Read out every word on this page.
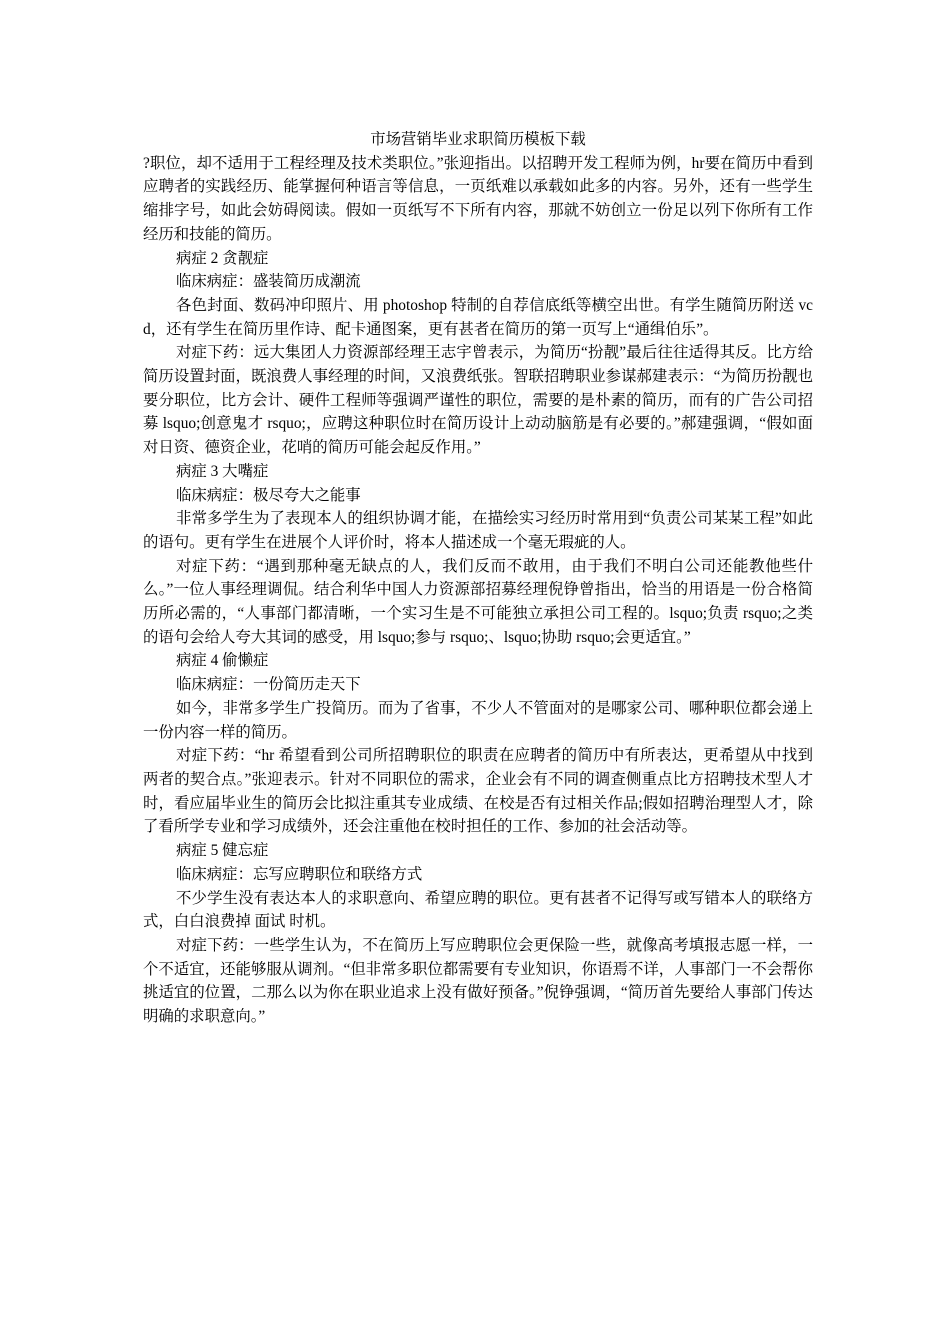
市场营销毕业求职简历模板下载

?职位，却不适用于工程经理及技术类职位。”张迎指出。以招聘开发工程师为例，hr要在简历中看到应聘者的实践经历、能掌握何种语言等信息，一页纸难以承载如此多的内容。另外，还有一些学生缩排字号，如此会妨碍阅读。假如一页纸写不下所有内容，那就不妨创立一份足以列下你所有工作经历和技能的简历。

病症 2 贪靓症

临床病症：盛装简历成潮流

各色封面、数码冲印照片、用 photoshop 特制的自荐信底纸等横空出世。有学生随简历附送 vcd，还有学生在简历里作诗、配卡通图案，更有甚者在简历的第一页写上“通缉伯乐”。

对症下药：远大集团人力资源部经理王志宇曾表示，为简历“扮靓”最后往往适得其反。比方给简历设置封面，既浪费人事经理的时间，又浪费纸张。智联招聘职业参谋郝建表示：“为简历扮靓也要分职位，比方会计、硬件工程师等强调严谨性的职位，需要的是朴素的简历，而有的广告公司招募 lsquo;创意鬼才 rsquo;，应聘这种职位时在简历设计上动动脑筋是有必要的。”郝建强调，“假如面对日资、德资企业，花哨的简历可能会起反作用。”

病症 3 大嘴症

临床病症：极尽夸大之能事

非常多学生为了表现本人的组织协调才能，在描绘实习经历时常用到“负责公司某某工程”如此的语句。更有学生在进展个人评价时，将本人描述成一个毫无瑕疵的人。

对症下药：“遇到那种毫无缺点的人，我们反而不敢用，由于我们不明白公司还能教他些什么。”一位人事经理调侃。结合利华中国人力资源部招募经理倪铮曾指出，恰当的用语是一份合格简历所必需的，“人事部门都清晰，一个实习生是不可能独立承担公司工程的。lsquo;负责 rsquo;之类的语句会给人夸大其词的感受，用 lsquo;参与 rsquo;、lsquo;协助 rsquo;会更适宜。”

病症 4 偷懒症

临床病症：一份简历走天下

如今，非常多学生广投简历。而为了省事，不少人不管面对的是哪家公司、哪种职位都会递上一份内容一样的简历。

对症下药：“hr 希望看到公司所招聘职位的职责在应聘者的简历中有所表达，更希望从中找到两者的契合点。”张迎表示。针对不同职位的需求，企业会有不同的调查侧重点比方招聘技术型人才时，看应届毕业生的简历会比拟注重其专业成绩、在校是否有过相关作品;假如招聘治理型人才，除了看所学专业和学习成绩外，还会注重他在校时担任的工作、参加的社会活动等。

病症 5 健忘症

临床病症：忘写应聘职位和联络方式

不少学生没有表达本人的求职意向、希望应聘的职位。更有甚者不记得写或写错本人的联络方式，白白浪费掉 面试 时机。

对症下药：一些学生认为，不在简历上写应聘职位会更保险一些，就像高考填报志愿一样，一个不适宜，还能够服从调剂。“但非常多职位都需要有专业知识，你语焉不详，人事部门一不会帮你挑适宜的位置，二那么以为你在职业追求上没有做好预备。”倪铮强调，“简历首先要给人事部门传达明确的求职意向。”
